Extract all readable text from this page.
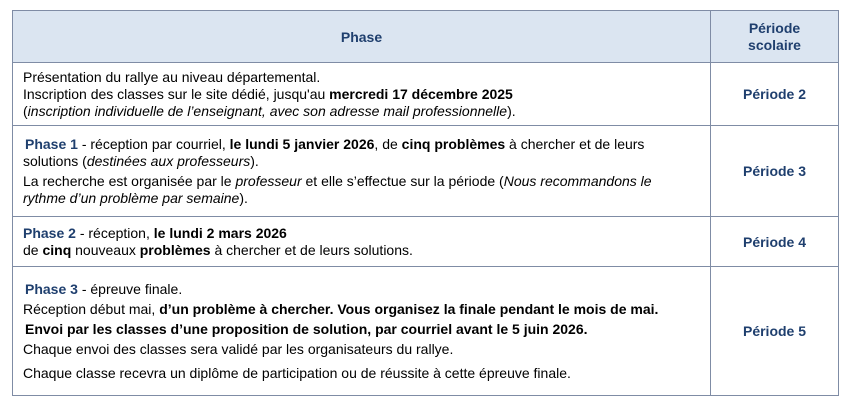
Phase	Période
scolaire

Présentation du rallye au niveau départemental.
Inscription des classes sur le site dédié, jusqu'au mercredi 17 décembre 2025
(inscription individuelle de l’enseignant, avec son adresse mail professionnelle).	Période 2

Phase 1 - réception par courriel, le lundi 5 janvier 2026, de cinq problèmes à chercher et de leurs
solutions (destinées aux professeurs).
La recherche est organisée par le professeur et elle s’effectue sur la période (Nous recommandons le
rythme d’un problème par semaine).	Période 3

Phase 2 - réception, le lundi 2 mars 2026
de cinq nouveaux problèmes à chercher et de leurs solutions.	Période 4

Phase 3 - épreuve finale.
Réception début mai, d’un problème à chercher. Vous organisez la finale pendant le mois de mai.
Envoi par les classes d’une proposition de solution, par courriel avant le 5 juin 2026.
Chaque envoi des classes sera validé par les organisateurs du rallye.
Chaque classe recevra un diplôme de participation ou de réussite à cette épreuve finale.	Période 5
